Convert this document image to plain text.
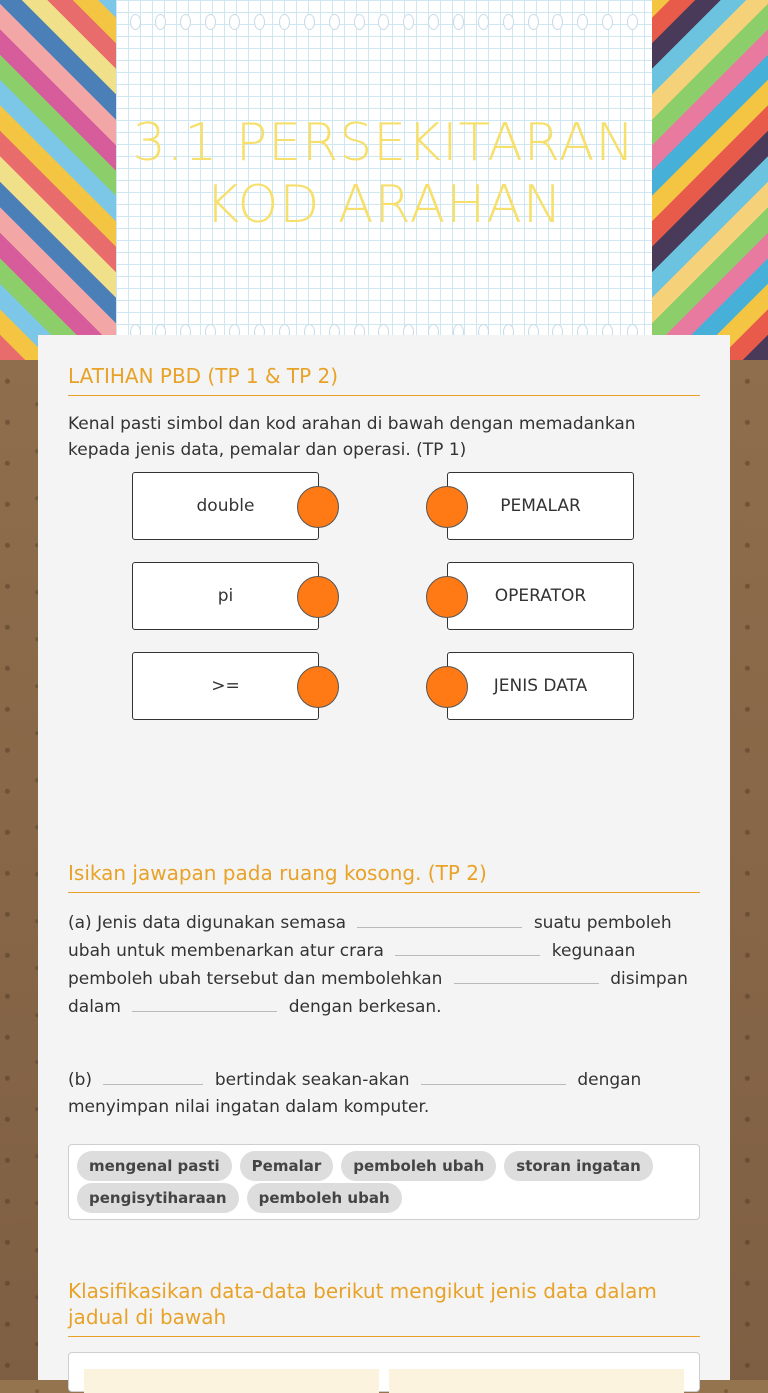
3.1 PERSEKITARAN
KOD ARAHAN
LATIHAN PBD (TP 1 & TP 2)
Kenal pasti simbol dan kod arahan di bawah dengan memadankan kepada jenis data, pemalar dan operasi. (TP 1)
double
pi
>=
PEMALAR
OPERATOR
JENIS DATA
Isikan jawapan pada ruang kosong. (TP 2)
(a) Jenis data digunakan semasa	suatu pemboleh ubah untuk membenarkan atur crara	kegunaan pemboleh ubah tersebut dan membolehkan	disimpan dalam	dengan berkesan.
(b)	bertindak seakan-akan	dengan menyimpan nilai ingatan dalam komputer.
mengenal pasti	Pemalar	pemboleh ubah	storan ingatan
pengisytiharaan	pemboleh ubah
Klasifikasikan data-data berikut mengikut jenis data dalam
jadual di bawah
